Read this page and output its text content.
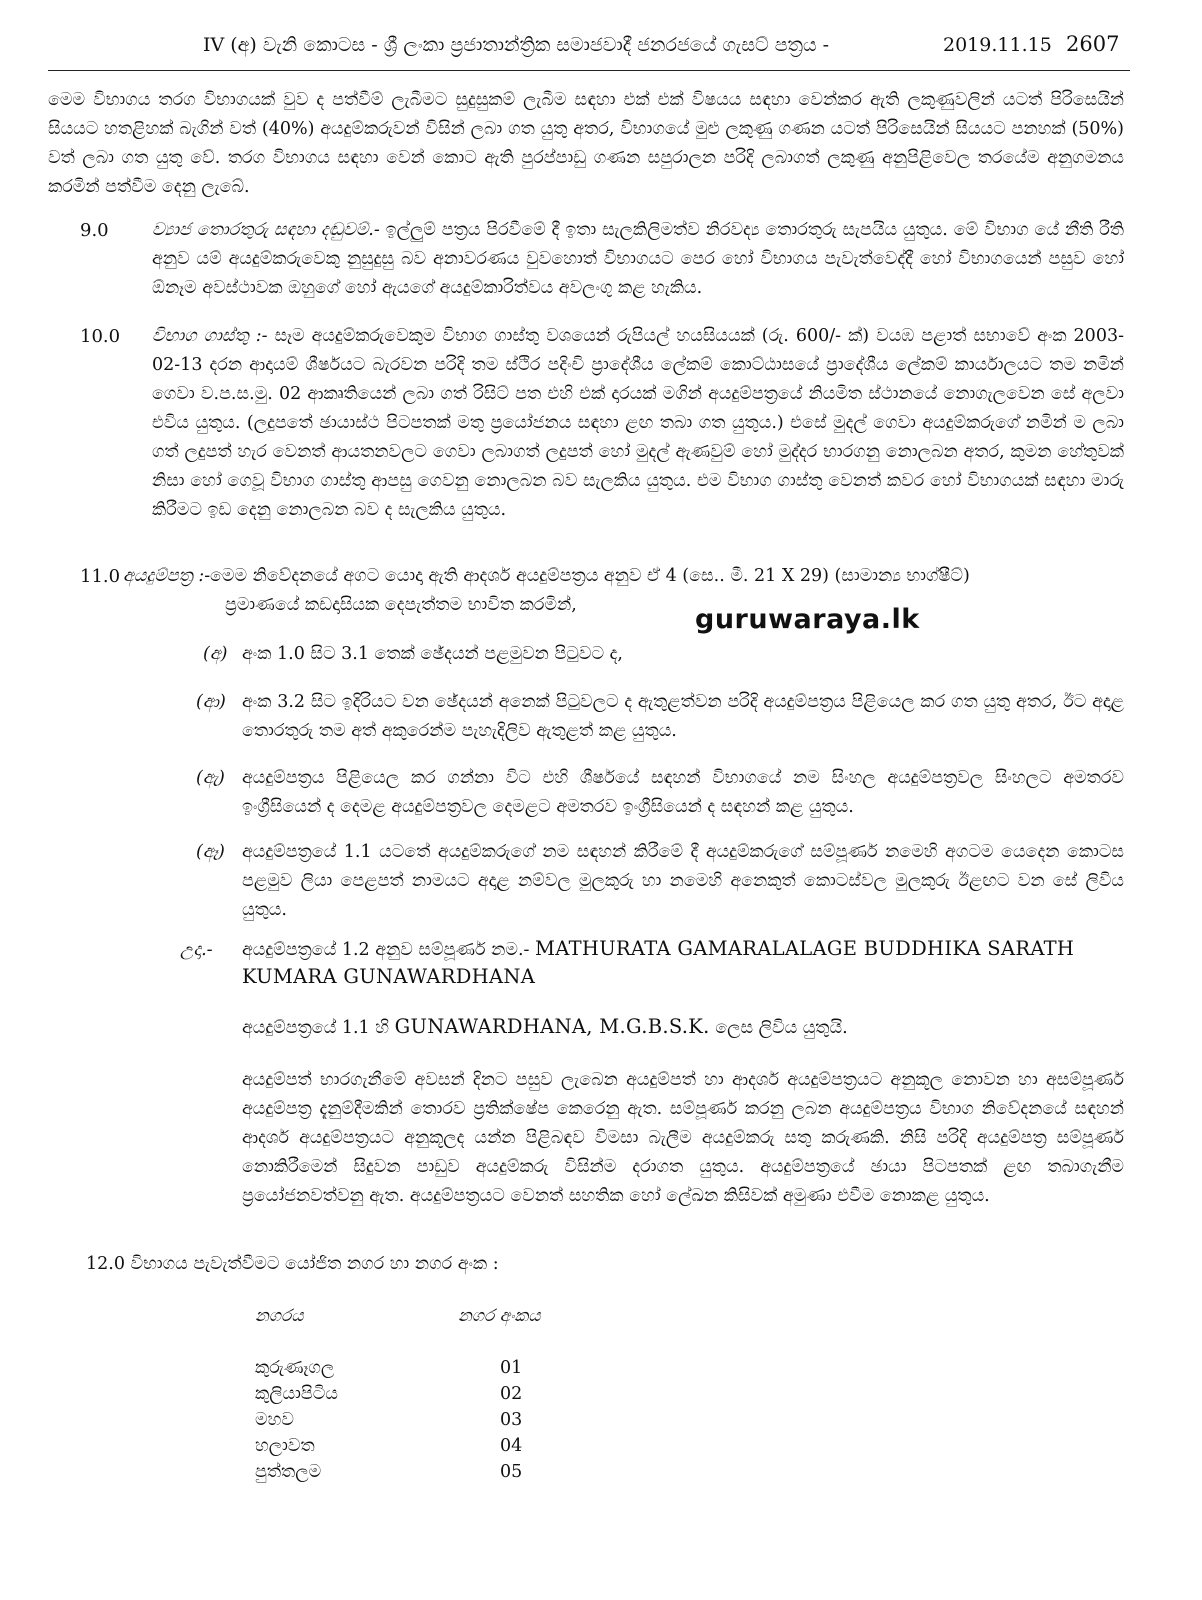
IV (අ) වැනි කොටස - ශ්‍රී ලංකා ප්‍රජාතාන්ත්‍රික සමාජවාදී ජනරජයේ ගැසට් පත්‍රය -	2019.11.15 2607

මෙම විභාගය තරග විභාගයක් වුව ද පත්වීම් ලැබීමට සුදුසුකම් ලැබීම සඳහා එක් එක් විෂයය සඳහා වෙන්කර ඇති ලකුණුවලින් යටත් පිරිසෙයින් සියයට හතළිහක් බැගින් වත් (40%) අයදුම්කරුවන් විසින් ලබා ගත යුතු අතර, විභාගයේ මුළු ලකුණු ගණන යටත් පිරිසෙයින් සියයට පනහක් (50%) වත් ලබා ගත යුතු වේ. තරග විභාගය සඳහා වෙන් කොට ඇති පුරප්පාඩු ගණන සපුරාලන පරිදි ලබාගත් ලකුණු අනුපිළිවෙල තරයේම අනුගමනය කරමින් පත්වීම දෙනු ලැබේ.

9.0 ව්‍යාජ තොරතුරු සඳහා දඬුවම්.- ඉල්ලුම් පත්‍රය පිරවීමේ දී ඉතා සැලකිලිමත්ව නිරවද්‍ය තොරතුරු සැපයිය යුතුය. මේ විභාග යේ නීති රීති අනුව යම් අයදුම්කරුවෙකු නුසුදුසු බව අනාවරණය වුවහොත් විභාගයට පෙර හෝ විභාගය පැවැත්වෙද්දී හෝ විභාගයෙන් පසුව හෝ ඕනෑම අවස්ථාවක ඔහුගේ හෝ ඇයගේ අයදුම්කාරිත්වය අවලංගු කළ හැකිය.

10.0 විභාග ගාස්තු :- සෑම අයදුම්කරුවෙකුම විභාග ගාස්තු වශයෙන් රුපියල් හයසියයක් (රු. 600/- ක්) වයඹ පළාත් සභාවේ අංක 2003-02-13 දරන ආදායම් ශීර්ෂයට බැරවන පරිදි තම ස්ථිර පදිංචි ප්‍රාදේශීය ලේකම් කොට්ඨාසයේ ප්‍රාදේශීය ලේකම් කාර්යාලයට තම නමින් ගෙවා ව.ප.ස.මු. 02 ආකෘතියෙන් ලබා ගත් රිසිට් පත එහි එක් දාරයක් මගින් අයදුම්පත්‍රයේ නියමිත ස්ථානයේ නොගැලවෙන සේ අලවා එවිය යුතුය. (ලදුපතේ ඡායාස්ථ පිටපතක් මතු ප්‍රයෝජනය සඳහා ළඟ තබා ගත යුතුය.) එසේ මුදල් ගෙවා අයදුම්කරුගේ නමින් ම ලබා ගත් ලදුපත් හැර වෙනත් ආයතනවලට ගෙවා ලබාගත් ලදුපත් හෝ මුදල් ඇණවුම් හෝ මුද්දර භාරගනු නොලබන අතර, කුමන හේතුවක් නිසා හෝ ගෙවූ විභාග ගාස්තු ආපසු ගෙවනු නොලබන බව සැලකිය යුතුය. එම විභාග ගාස්තු වෙනත් කවර හෝ විභාගයක් සඳහා මාරු කිරීමට ඉඩ දෙනු නොලබන බව ද සැලකිය යුතුය.

11.0 අයදුම්පත්‍ර :- මෙම නිවේදනයේ අගට යොදා ඇති ආදර්ශ අයදුම්පත්‍රය අනුව ඒ 4 (සෙ.. මී. 21 X 29) (සාමාන්‍ය භාග්ෂීට්)
ප්‍රමාණයේ කඩදාසියක දෙපැත්තම භාවිත කරමින්,	guruwaraya.lk
(අ) අංක 1.0 සිට 3.1 තෙක් ඡේදයන් පළමුවන පිටුවට ද,

(ආ) අංක 3.2 සිට ඉදිරියට වන ඡේදයන් අනෙක් පිටුවලට ද ඇතුළත්වන පරිදි අයදුම්පත්‍රය පිළියෙල කර ගත යුතු අතර, ඊට අදාළ තොරතුරු තම අත් අකුරෙන්ම පැහැදිලිව ඇතුළත් කළ යුතුය.

(ඇ) අයදුම්පත්‍රය පිළියෙල කර ගන්නා විට එහි ශීර්ෂයේ සඳහන් විභාගයේ නම සිංහල අයදුම්පත්‍රවල සිංහලට අමතරව ඉංග්‍රීසියෙන් ද දෙමළ අයදුම්පත්‍රවල දෙමළට අමතරව ඉංග්‍රීසියෙන් ද සඳහන් කළ යුතුය.

(ඈ) අයදුම්පත්‍රයේ 1.1 යටතේ අයදුම්කරුගේ නම සඳහන් කිරීමේ දී අයදුම්කරුගේ සම්පූර්ණ නමෙහි අගටම යෙදෙන කොටස පළමුව ලියා පෙළපත් නාමයට අදාළ නම්වල මුලකුරු හා නමෙහි අනෙකුත් කොටස්වල මුලකුරු ඊළඟට වන සේ ලිවිය යුතුය.

උදා.- අයදුම්පත්‍රයේ 1.2 අනුව සම්පූර්ණ නම.- MATHURATA GAMARALALAGE BUDDHIKA SARATH

KUMARA GUNAWARDHANA

අයදුම්පත්‍රයේ 1.1 හි GUNAWARDHANA, M.G.B.S.K. ලෙස ලිවිය යුතුයි.

අයදුම්පත් භාරගැනීමේ අවසන් දිනට පසුව ලැබෙන අයදුම්පත් හා ආදර්ශ අයදුම්පත්‍රයට අනුකූල නොවන හා අසම්පූර්ණ අයදුම්පත්‍ර දැනුම්දීමකින් තොරව ප්‍රතික්ෂේප කෙරෙනු ඇත. සම්පූර්ණ කරනු ලබන අයදුම්පත්‍රය විභාග නිවේදනයේ සඳහන් ආදර්ශ අයදුම්පත්‍රයට අනුකූලද යන්න පිළිබඳව විමසා බැලීම අයදුම්කරු සතු කරුණකි. නිසි පරිදි අයදුම්පත්‍ර සම්පූර්ණ නොකිරීමෙන් සිදුවන පාඩුව අයදුම්කරු විසින්ම දරාගත යුතුය. අයදුම්පත්‍රයේ ඡායා පිටපතක් ළඟ තබාගැනීම ප්‍රයෝජනවත්වනු ඇත. අයදුම්පත්‍රයට වෙනත් සහතික හෝ ලේඛන කිසිවක් අමුණා එවීම නොකළ යුතුය.

12.0 විභාගය පැවැත්වීමට යෝජිත නගර හා නගර අංක :
නගරය	නගර අංකය
කුරුණෑගල	01
කුලියාපිටිය	02
මහව	03
හලාවත	04
පුත්තලම	05
